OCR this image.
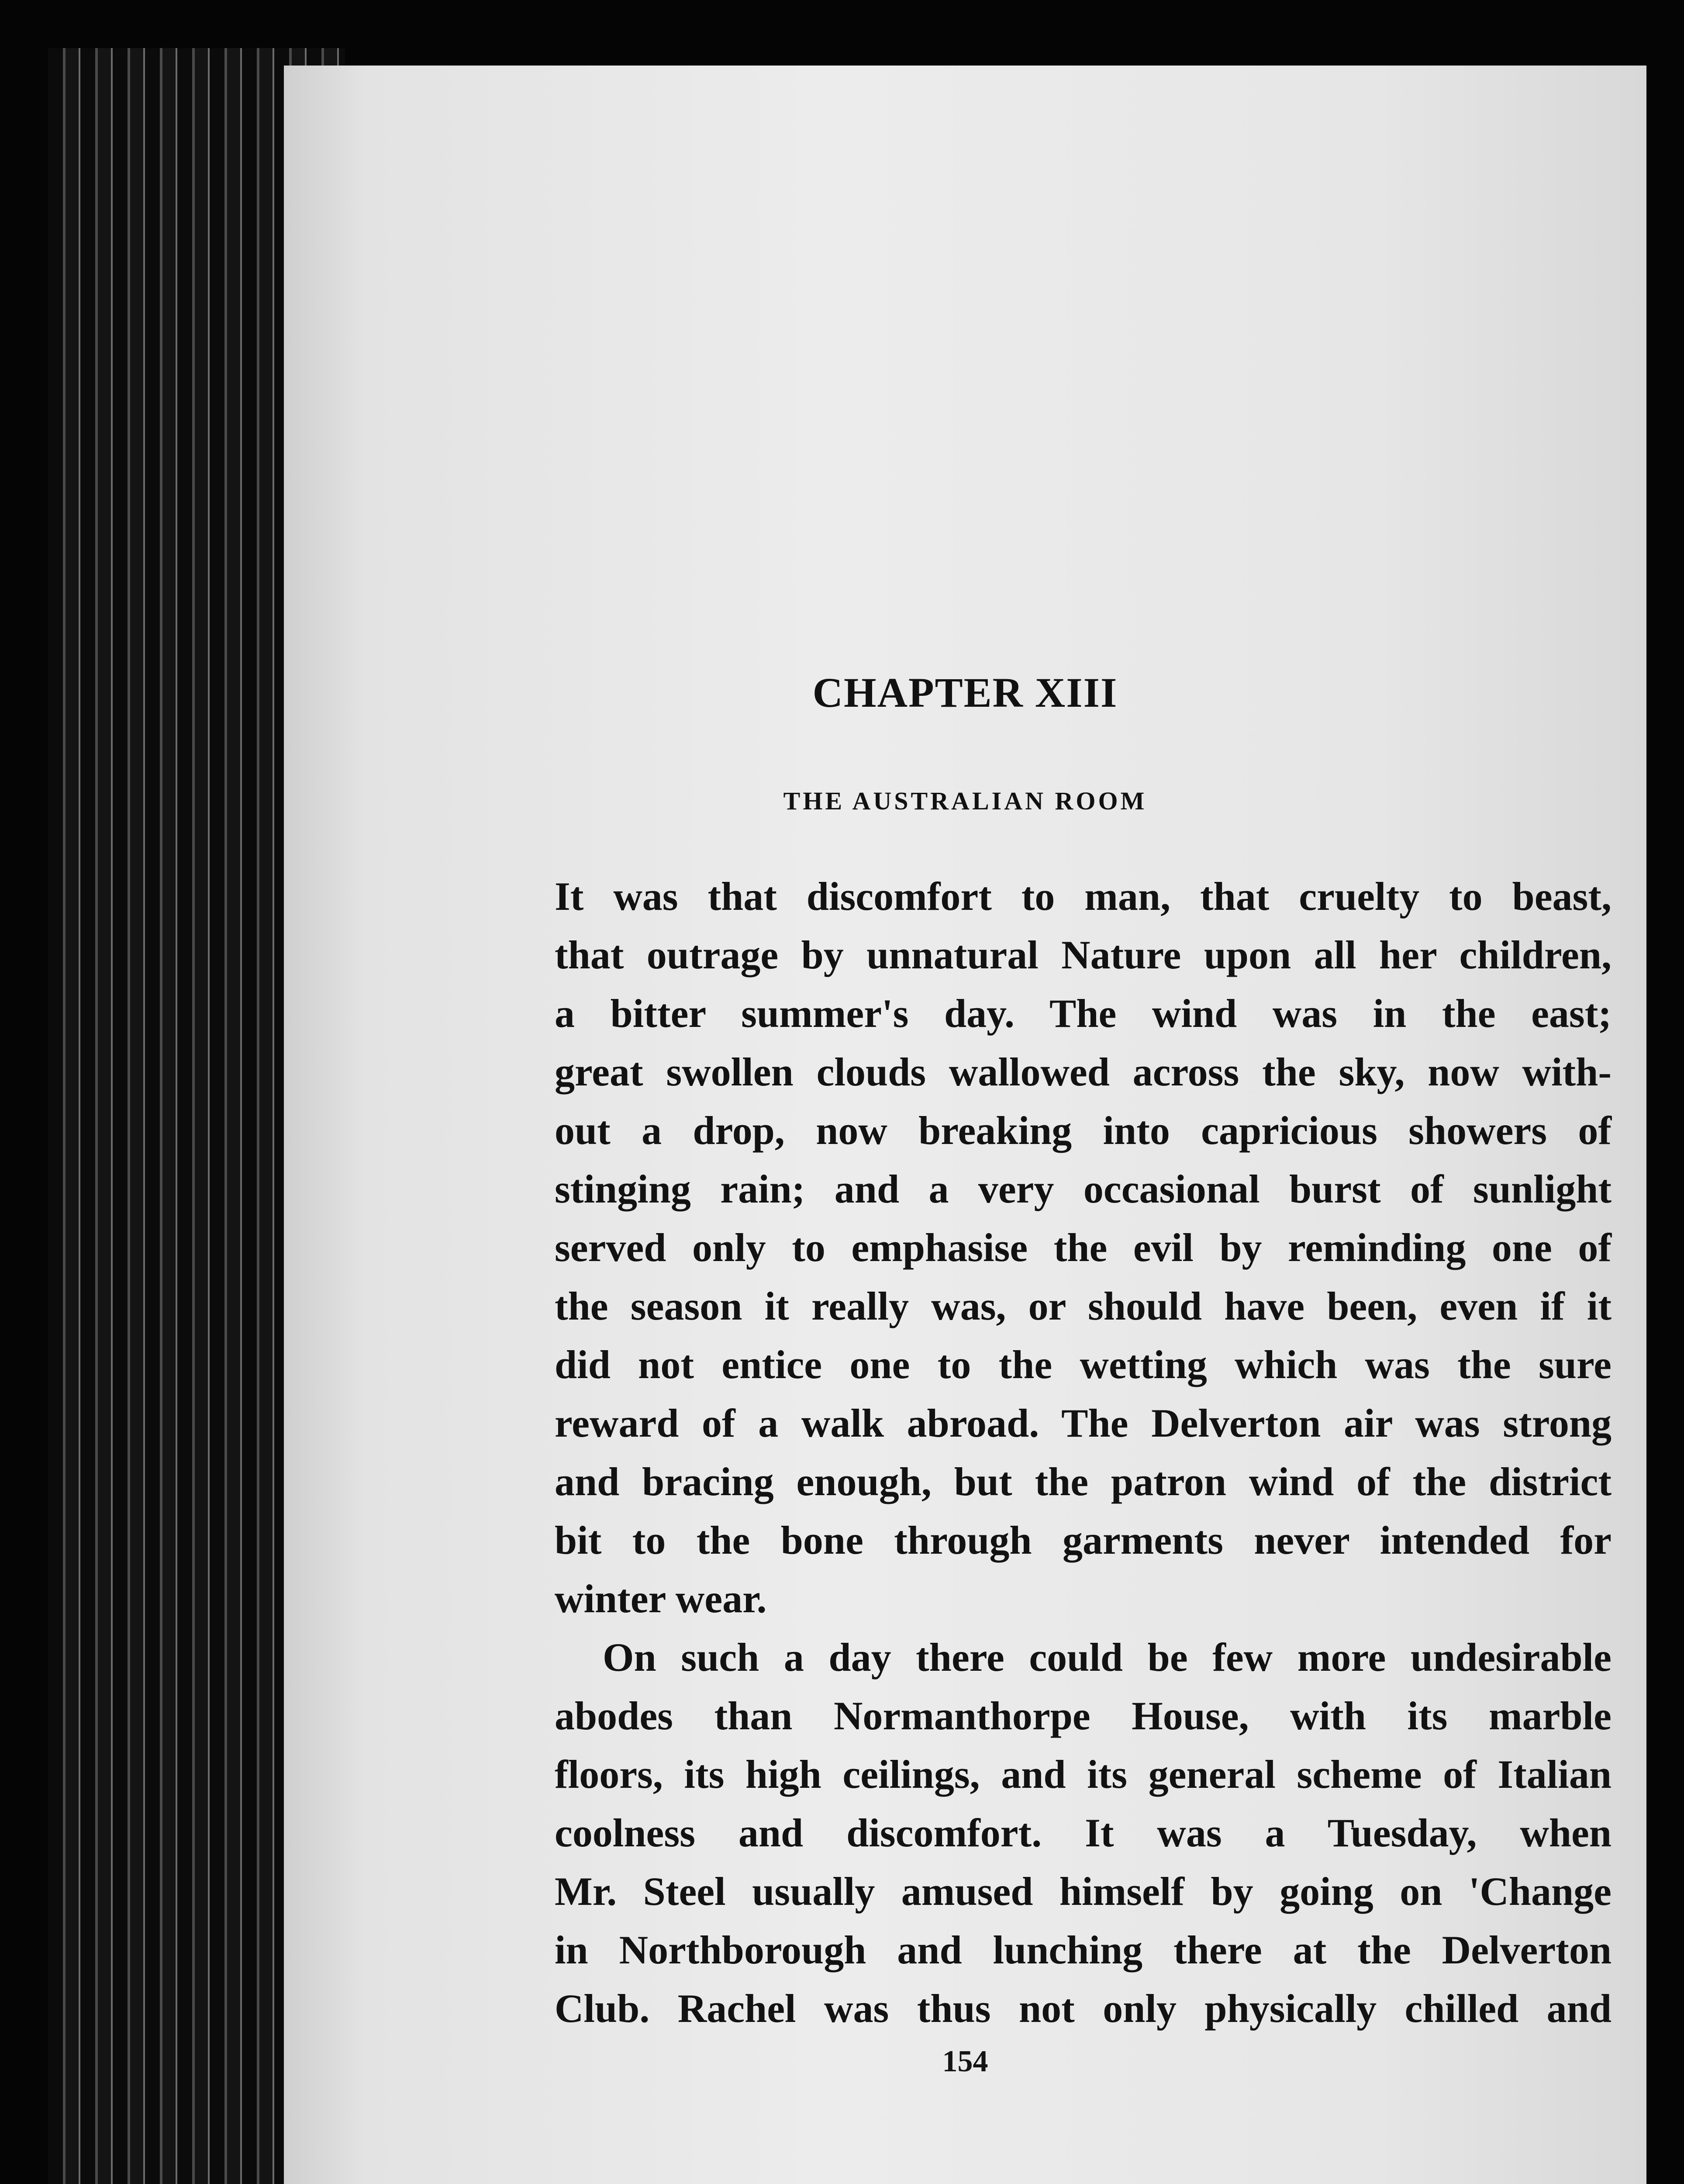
CHAPTER XIII
THE AUSTRALIAN ROOM
It was that discomfort to man, that cruelty to beast,
that outrage by unnatural Nature upon all her children,
a bitter summer's day. The wind was in the east;
great swollen clouds wallowed across the sky, now with-
out a drop, now breaking into capricious showers of
stinging rain; and a very occasional burst of sunlight
served only to emphasise the evil by reminding one of
the season it really was, or should have been, even if it
did not entice one to the wetting which was the sure
reward of a walk abroad. The Delverton air was strong
and bracing enough, but the patron wind of the district
bit to the bone through garments never intended for
winter wear.
On such a day there could be few more undesirable
abodes than Normanthorpe House, with its marble
floors, its high ceilings, and its general scheme of Italian
coolness and discomfort. It was a Tuesday, when
Mr. Steel usually amused himself by going on 'Change
in Northborough and lunching there at the Delverton
Club. Rachel was thus not only physically chilled and
154
